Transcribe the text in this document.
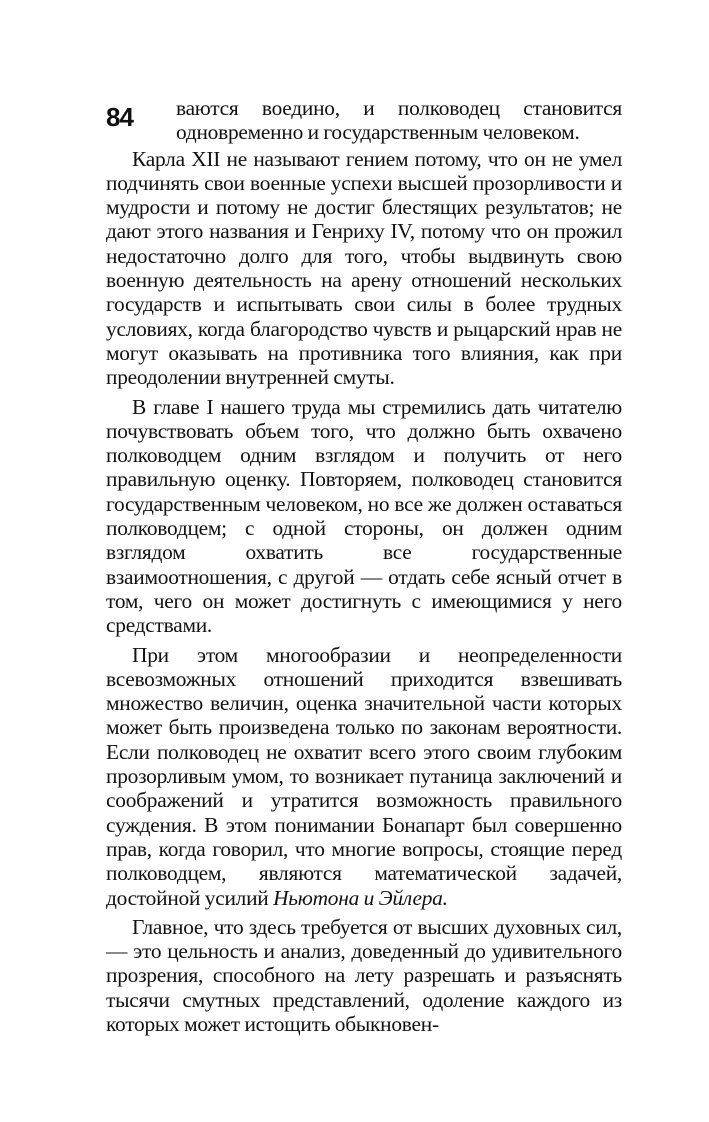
84	ваются воедино, и полководец становится одновременно и государственным человеком.

Карла XII не называют гением потому, что он не умел подчинять свои военные успехи высшей прозорливости и мудрости и потому не достиг блестящих результатов; не дают этого названия и Генриху IV, потому что он прожил недостаточно долго для того, чтобы выдвинуть свою военную деятельность на арену отношений нескольких государств и испытывать свои силы в более трудных условиях, когда благородство чувств и рыцарский нрав не могут оказывать на противника того влияния, как при преодолении внутренней смуты.

В главе I нашего труда мы стремились дать читателю почувствовать объем того, что должно быть охвачено полководцем одним взглядом и получить от него правильную оценку. Повторяем, полководец становится государственным человеком, но все же должен оставаться полководцем; с одной стороны, он должен одним взглядом охватить все государственные взаимоотношения, с другой — отдать себе ясный отчет в том, чего он может достигнуть с имеющимися у него средствами.

При этом многообразии и неопределенности всевозможных отношений приходится взвешивать множество величин, оценка значительной части которых может быть произведена только по законам вероятности. Если полководец не охватит всего этого своим глубоким прозорливым умом, то возникает путаница заключений и соображений и утратится возможность правильного суждения. В этом понимании Бонапарт был совершенно прав, когда говорил, что многие вопросы, стоящие перед полководцем, являются математической задачей, достойной усилий Ньютона и Эйлера.

Главное, что здесь требуется от высших духовных сил, — это цельность и анализ, доведенный до удивительного прозрения, способного на лету разрешать и разъяснять тысячи смутных представлений, одоление каждого из которых может истощить обыкновен-
